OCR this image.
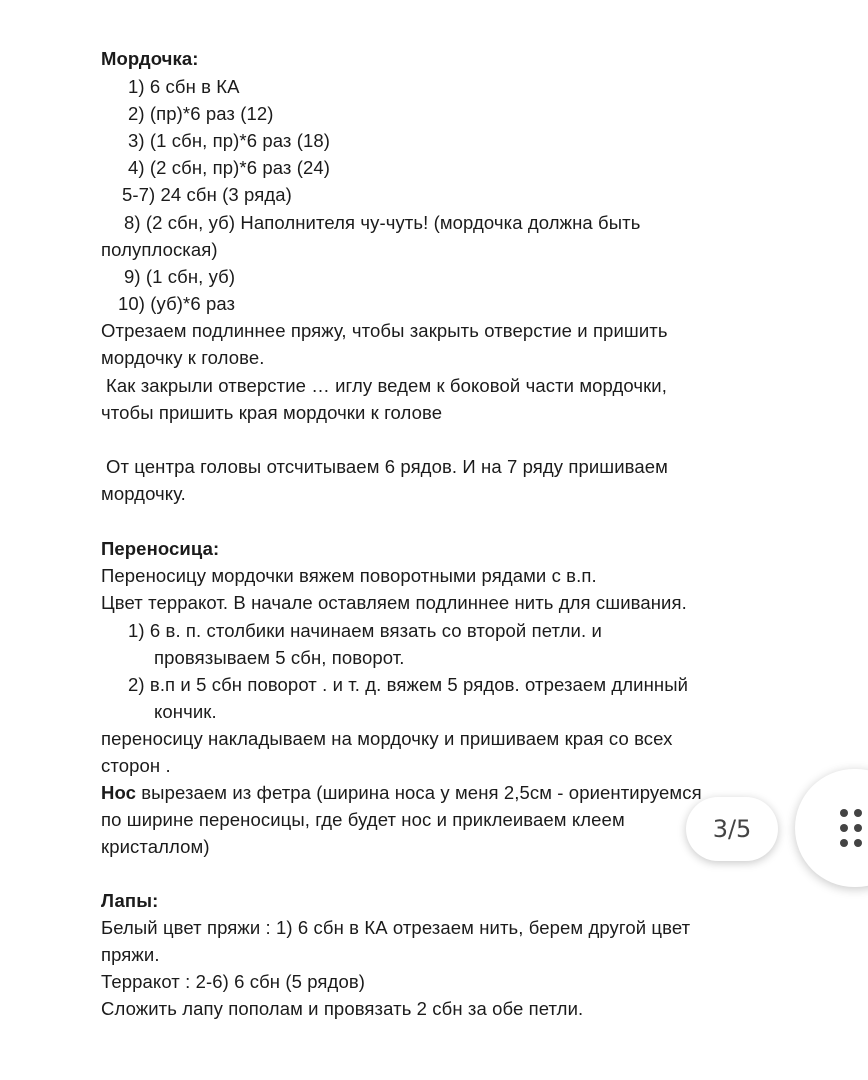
Мордочка:
1) 6 сбн в КА
2) (пр)*6 раз (12)
3) (1 сбн, пр)*6 раз (18)
4) (2 сбн, пр)*6 раз (24)
5-7) 24 сбн (3 ряда)
8) (2 сбн, уб) Наполнителя чу-чуть! (мордочка должна быть
полуплоская)
9) (1 сбн, уб)
10) (уб)*6 раз
Отрезаем подлиннее пряжу, чтобы закрыть отверстие и пришить
мордочку к голове.
Как закрыли отверстие … иглу ведем к боковой части мордочки,
чтобы пришить края мордочки к голове
От центра головы отсчитываем 6 рядов. И на 7 ряду пришиваем
мордочку.
Переносица:
Переносицу мордочки вяжем поворотными рядами с в.п.
Цвет терракот. В начале оставляем подлиннее нить для сшивания.
1) 6 в. п. столбики начинаем вязать со второй петли. и
провязываем 5 сбн, поворот.
2) в.п и 5 сбн поворот . и т. д. вяжем 5 рядов. отрезаем длинный
кончик.
переносицу накладываем на мордочку и пришиваем края со всех
сторон .
Нос вырезаем из фетра (ширина носа у меня 2,5см - ориентируемся
по ширине переносицы, где будет нос и приклеиваем клеем
кристаллом)
Лапы:
Белый цвет пряжи : 1) 6 сбн в КА отрезаем нить, берем другой цвет
пряжи.
Терракот : 2-6) 6 сбн (5 рядов)
Сложить лапу пополам и провязать 2 сбн за обе петли.
3/5
